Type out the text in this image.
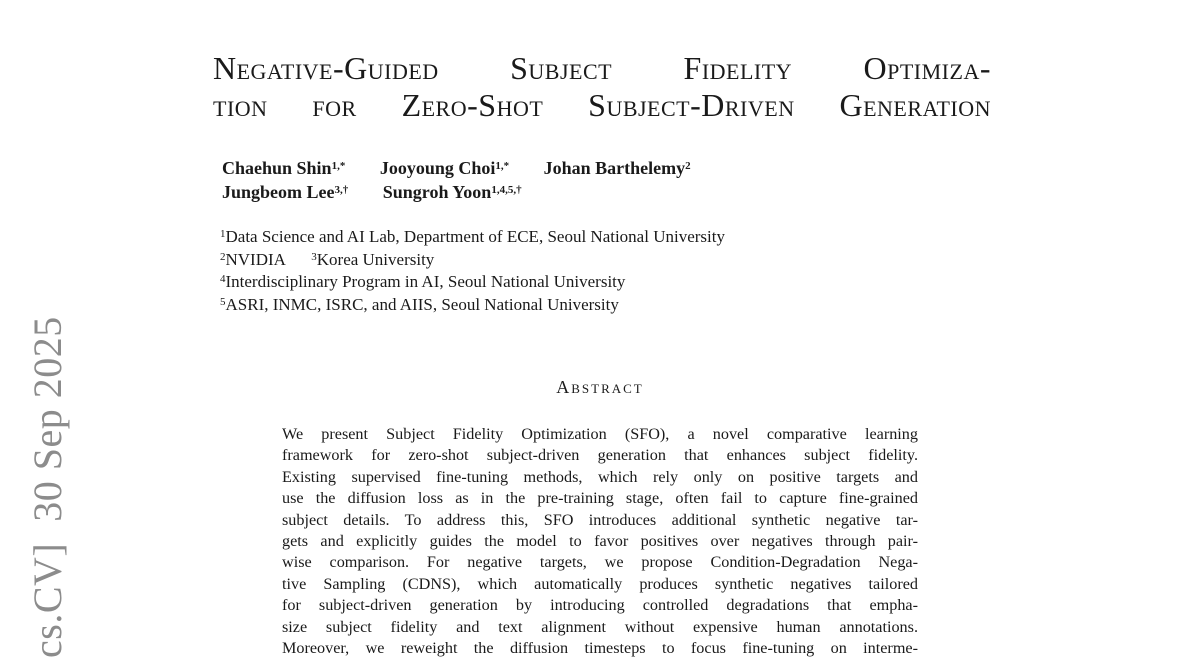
cs.CV]  30 Sep 2025
Negative-Guided Subject Fidelity Optimiza-
tion for Zero-Shot Subject-Driven Generation
Chaehun Shin$^{1,*}$ Jooyoung Choi$^{1,*}$ Johan Barthelemy$^2$
Jungbeom Lee$^{3,\dagger}$ Sungroh Yoon$^{1,4,5,\dagger}$
$^1$Data Science and AI Lab, Department of ECE, Seoul National University
$^2$NVIDIA $^3$Korea University
$^4$Interdisciplinary Program in AI, Seoul National University
$^5$ASRI, INMC, ISRC, and AIIS, Seoul National University
Abstract
We present Subject Fidelity Optimization (SFO), a novel comparative learning
framework for zero-shot subject-driven generation that enhances subject fidelity.
Existing supervised fine-tuning methods, which rely only on positive targets and
use the diffusion loss as in the pre-training stage, often fail to capture fine-grained
subject details. To address this, SFO introduces additional synthetic negative tar-
gets and explicitly guides the model to favor positives over negatives through pair-
wise comparison. For negative targets, we propose Condition-Degradation Nega-
tive Sampling (CDNS), which automatically produces synthetic negatives tailored
for subject-driven generation by introducing controlled degradations that empha-
size subject fidelity and text alignment without expensive human annotations.
Moreover, we reweight the diffusion timesteps to focus fine-tuning on interme-
